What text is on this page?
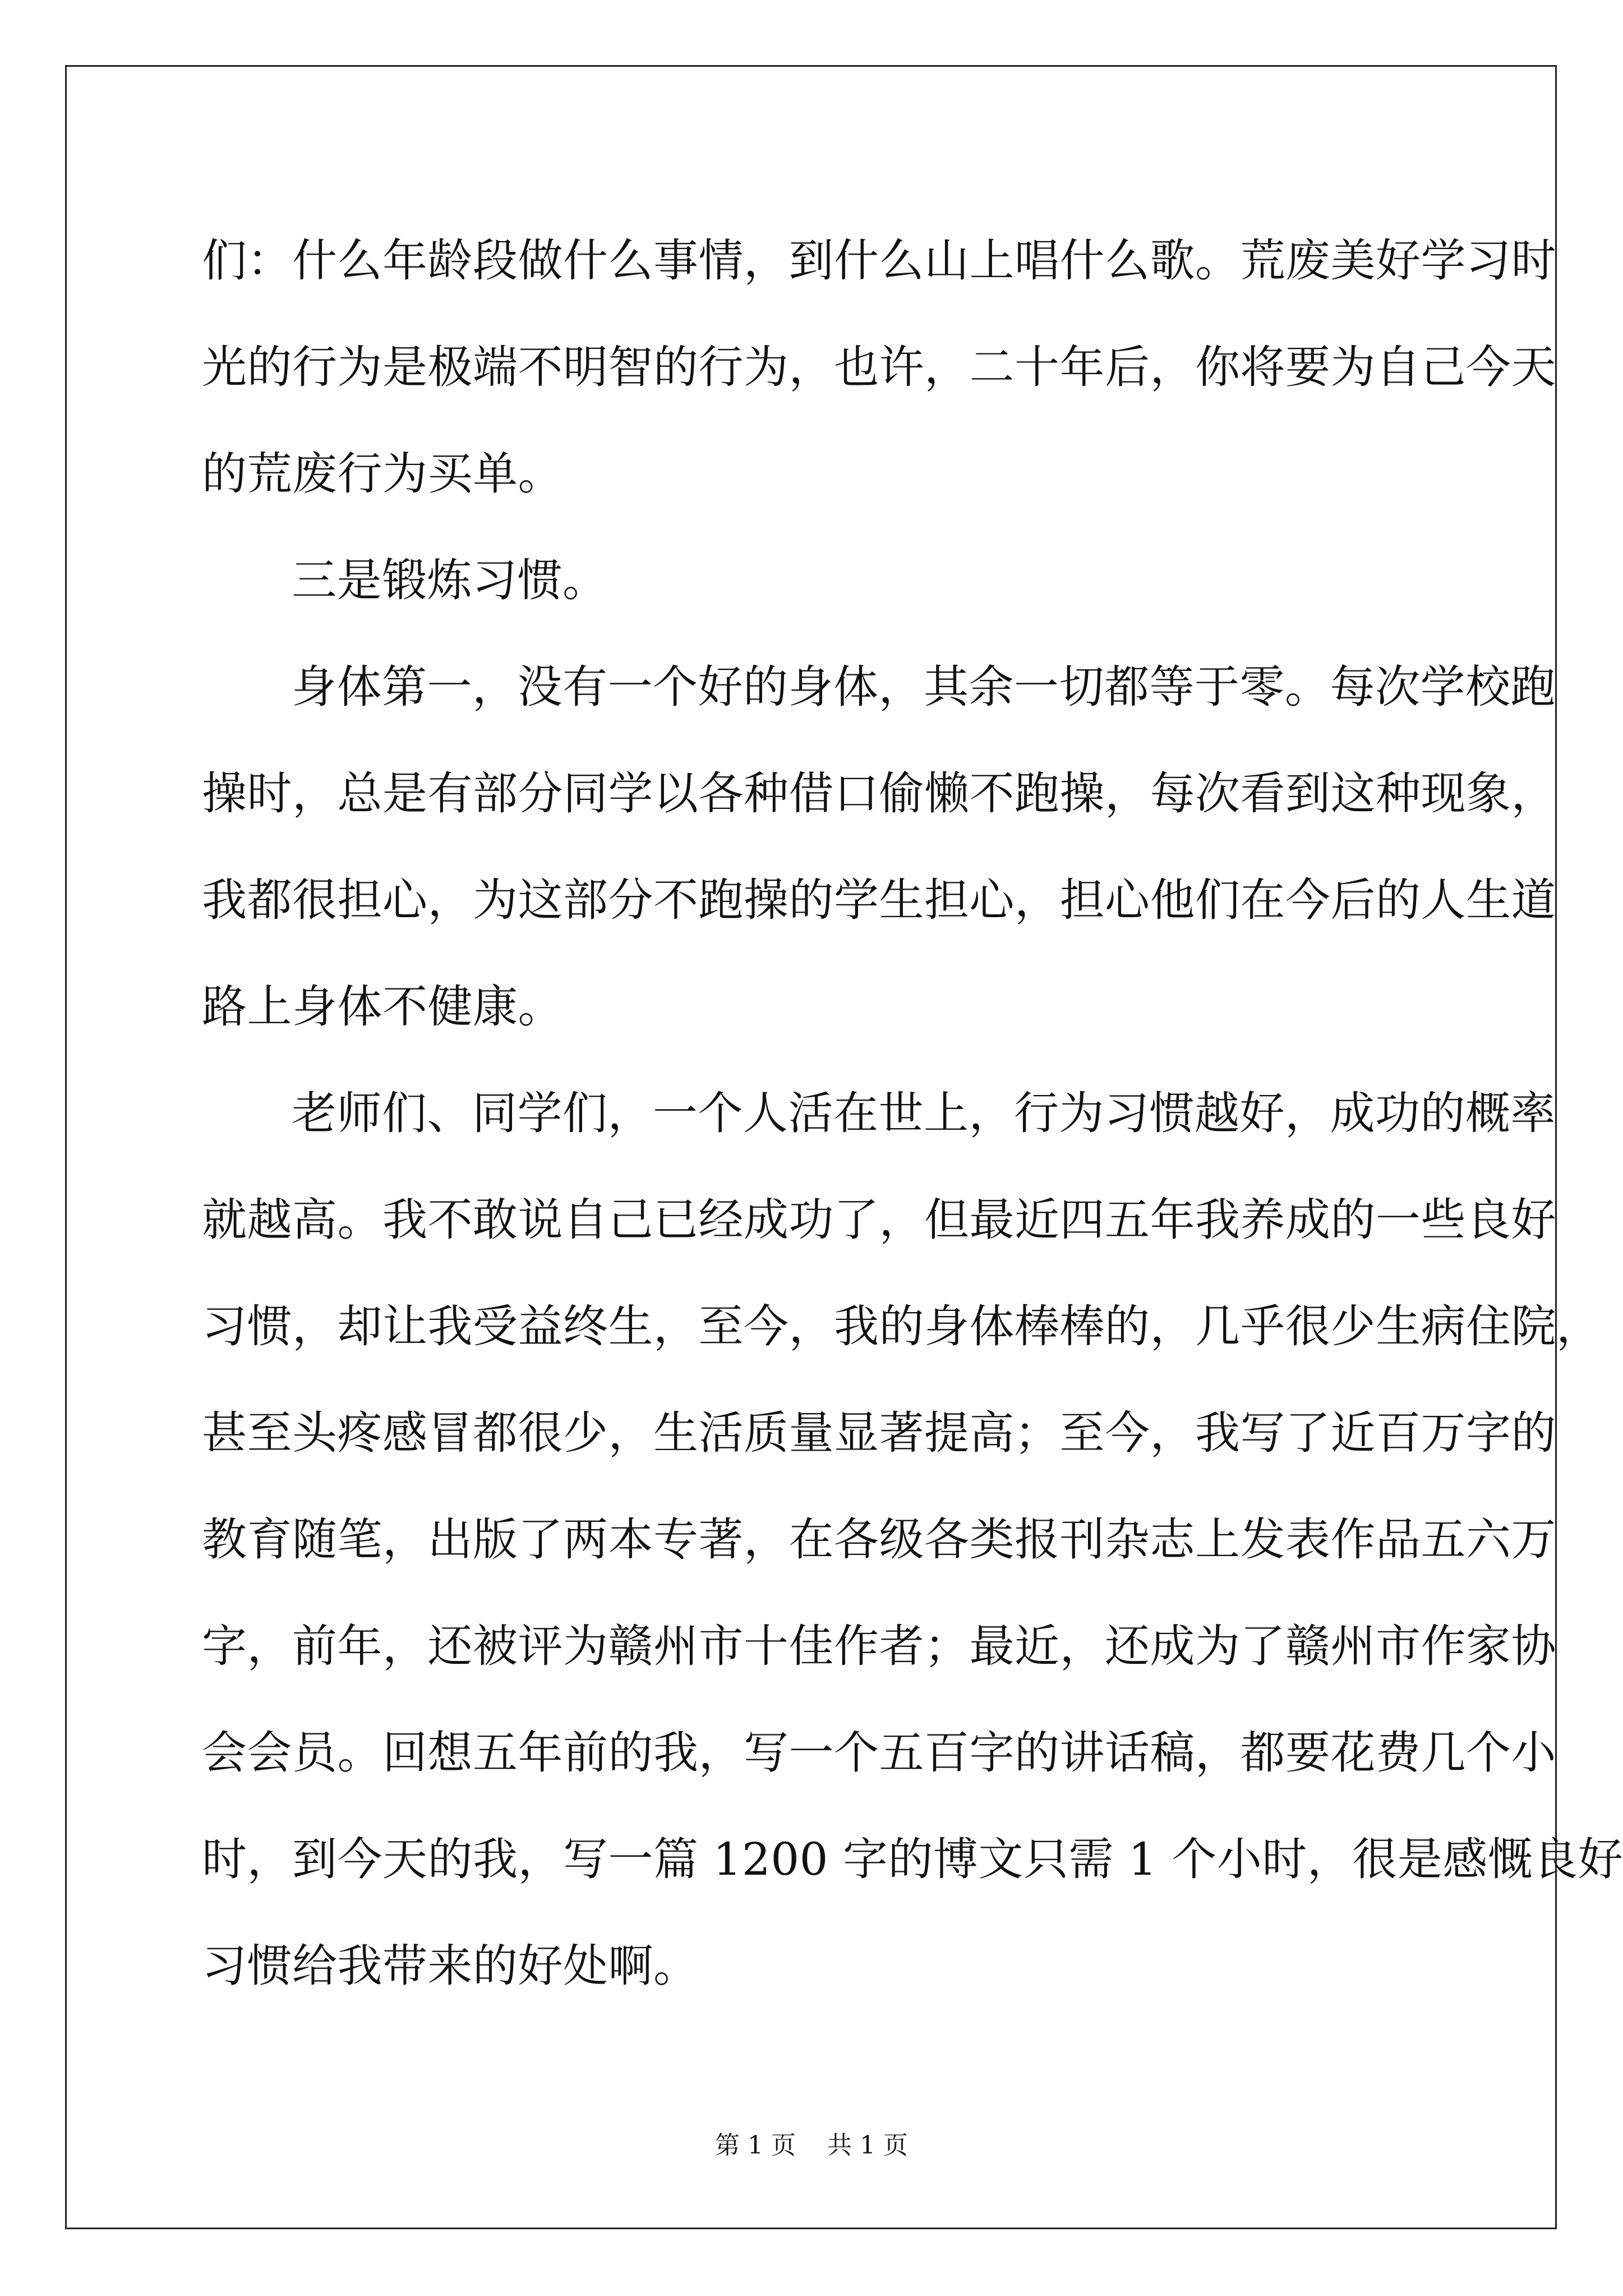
们：什么年龄段做什么事情，到什么山上唱什么歌。荒废美好学习时
光的行为是极端不明智的行为，也许，二十年后，你将要为自己今天
的荒废行为买单。
三是锻炼习惯。
身体第一，没有一个好的身体，其余一切都等于零。每次学校跑
操时，总是有部分同学以各种借口偷懒不跑操，每次看到这种现象，
我都很担心，为这部分不跑操的学生担心，担心他们在今后的人生道
路上身体不健康。
老师们、同学们，一个人活在世上，行为习惯越好，成功的概率
就越高。我不敢说自己已经成功了，但最近四五年我养成的一些良好
习惯，却让我受益终生，至今，我的身体棒棒的，几乎很少生病住院，
甚至头疼感冒都很少，生活质量显著提高；至今，我写了近百万字的
教育随笔，出版了两本专著，在各级各类报刊杂志上发表作品五六万
字，前年，还被评为赣州市十佳作者；最近，还成为了赣州市作家协
会会员。回想五年前的我，写一个五百字的讲话稿，都要花费几个小
时，到今天的我，写一篇 1200 字的博文只需 1 个小时，很是感慨良好
习惯给我带来的好处啊。
第 1 页    共 1 页
